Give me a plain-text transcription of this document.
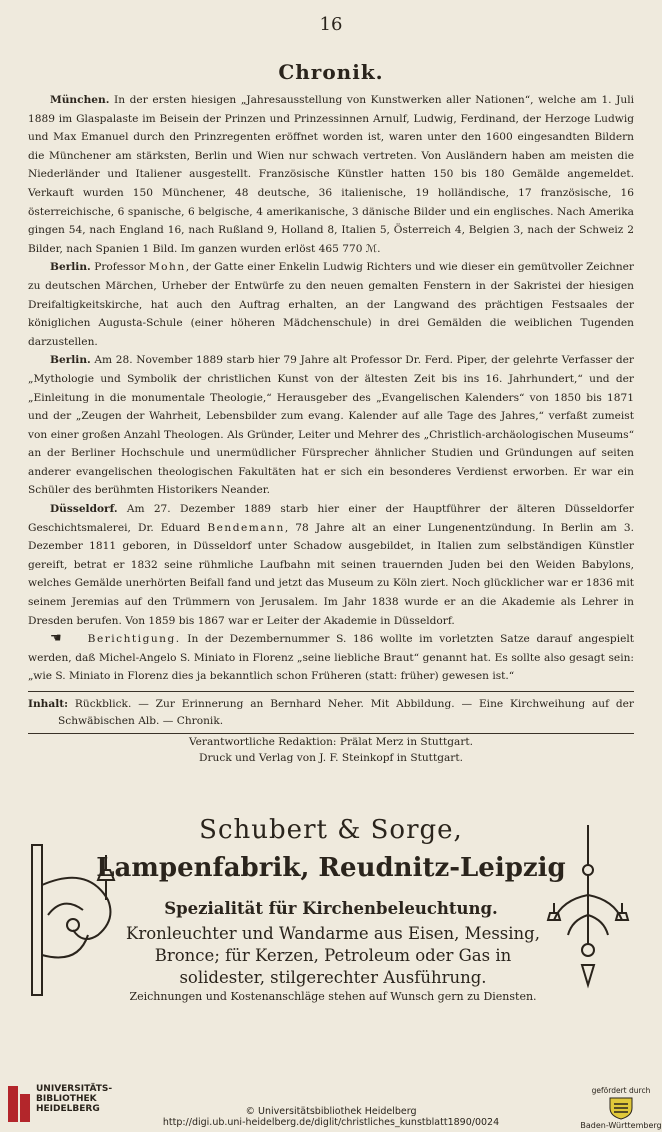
16
Chronik.

München. In der ersten hiesigen „Jahresausstellung von Kunstwerken aller Nationen“, welche am 1. Juli 1889 im Glaspalaste im Beisein der Prinzen und Prinzessinnen Arnulf, Ludwig, Ferdinand, der Herzoge Ludwig und Max Emanuel durch den Prinzregenten eröffnet worden ist, waren unter den 1600 eingesandten Bildern die Münchener am stärksten, Berlin und Wien nur schwach vertreten. Von Ausländern haben am meisten die Niederländer und Italiener ausgestellt. Französische Künstler hatten 150 bis 180 Gemälde angemeldet. Verkauft wurden 150 Münchener, 48 deutsche, 36 italienische, 19 holländische, 17 französische, 16 österreichische, 6 spanische, 6 belgische, 4 amerikanische, 3 dänische Bilder und ein englisches. Nach Amerika gingen 54, nach England 16, nach Rußland 9, Holland 8, Italien 5, Österreich 4, Belgien 3, nach der Schweiz 2 Bilder, nach Spanien 1 Bild. Im ganzen wurden erlöst 465 770 ℳ.

Berlin. Professor Mohn, der Gatte einer Enkelin Ludwig Richters und wie dieser ein gemütvoller Zeichner zu deutschen Märchen, Urheber der Entwürfe zu den neuen gemalten Fenstern in der Sakristei der hiesigen Dreifaltigkeitskirche, hat auch den Auftrag erhalten, an der Langwand des prächtigen Festsaales der königlichen Augusta-Schule (einer höheren Mädchenschule) in drei Gemälden die weiblichen Tugenden darzustellen.

Berlin. Am 28. November 1889 starb hier 79 Jahre alt Professor Dr. Ferd. Piper, der gelehrte Verfasser der „Mythologie und Symbolik der christlichen Kunst von der ältesten Zeit bis ins 16. Jahrhundert,“ und der „Einleitung in die monumentale Theologie,“ Herausgeber des „Evangelischen Kalenders“ von 1850 bis 1871 und der „Zeugen der Wahrheit, Lebensbilder zum evang. Kalender auf alle Tage des Jahres,“ verfaßt zumeist von einer großen Anzahl Theologen. Als Gründer, Leiter und Mehrer des „Christlich-archäologischen Museums“ an der Berliner Hochschule und unermüdlicher Fürsprecher ähnlicher Studien und Gründungen auf seiten anderer evangelischen theologischen Fakultäten hat er sich ein besonderes Verdienst erworben. Er war ein Schüler des berühmten Historikers Neander.

Düsseldorf. Am 27. Dezember 1889 starb hier einer der Hauptführer der älteren Düsseldorfer Geschichtsmalerei, Dr. Eduard Bendemann, 78 Jahre alt an einer Lungenentzündung. In Berlin am 3. Dezember 1811 geboren, in Düsseldorf unter Schadow ausgebildet, in Italien zum selbständigen Künstler gereift, betrat er 1832 seine rühmliche Laufbahn mit seinen trauernden Juden bei den Weiden Babylons, welches Gemälde unerhörten Beifall fand und jetzt das Museum zu Köln ziert. Noch glücklicher war er 1836 mit seinem Jeremias auf den Trümmern von Jerusalem. Im Jahr 1838 wurde er an die Akademie als Lehrer in Dresden berufen. Von 1859 bis 1867 war er Leiter der Akademie in Düsseldorf.

☛ Berichtigung. In der Dezembernummer S. 186 wollte im vorletzten Satze darauf angespielt werden, daß Michel-Angelo S. Miniato in Florenz „seine liebliche Braut“ genannt hat. Es sollte also gesagt sein: „wie S. Miniato in Florenz dies ja bekanntlich schon Früheren (statt: früher) gewesen ist.“

Inhalt: Rückblick. — Zur Erinnerung an Bernhard Neher. Mit Abbildung. — Eine Kirchweihung auf der Schwäbischen Alb. — Chronik.
Verantwortliche Redaktion: Prälat Merz in Stuttgart.
Druck und Verlag von J. F. Steinkopf in Stuttgart.
Schubert & Sorge,
Lampenfabrik, Reudnitz-Leipzig
Spezialität für Kirchenbeleuchtung.
Kronleuchter und Wandarme aus Eisen, Messing, Bronce; für Kerzen, Petroleum oder Gas in solidester, stilgerechter Ausführung.
Zeichnungen und Kostenanschläge stehen auf Wunsch gern zu Diensten.
UNIVERSITÄTS-
BIBLIOTHEK
HEIDELBERG	© Universitätsbibliothek Heidelberg
http://digi.ub.uni-heidelberg.de/diglit/christliches_kunstblatt1890/0024
gefördert durch
Baden-Württemberg
